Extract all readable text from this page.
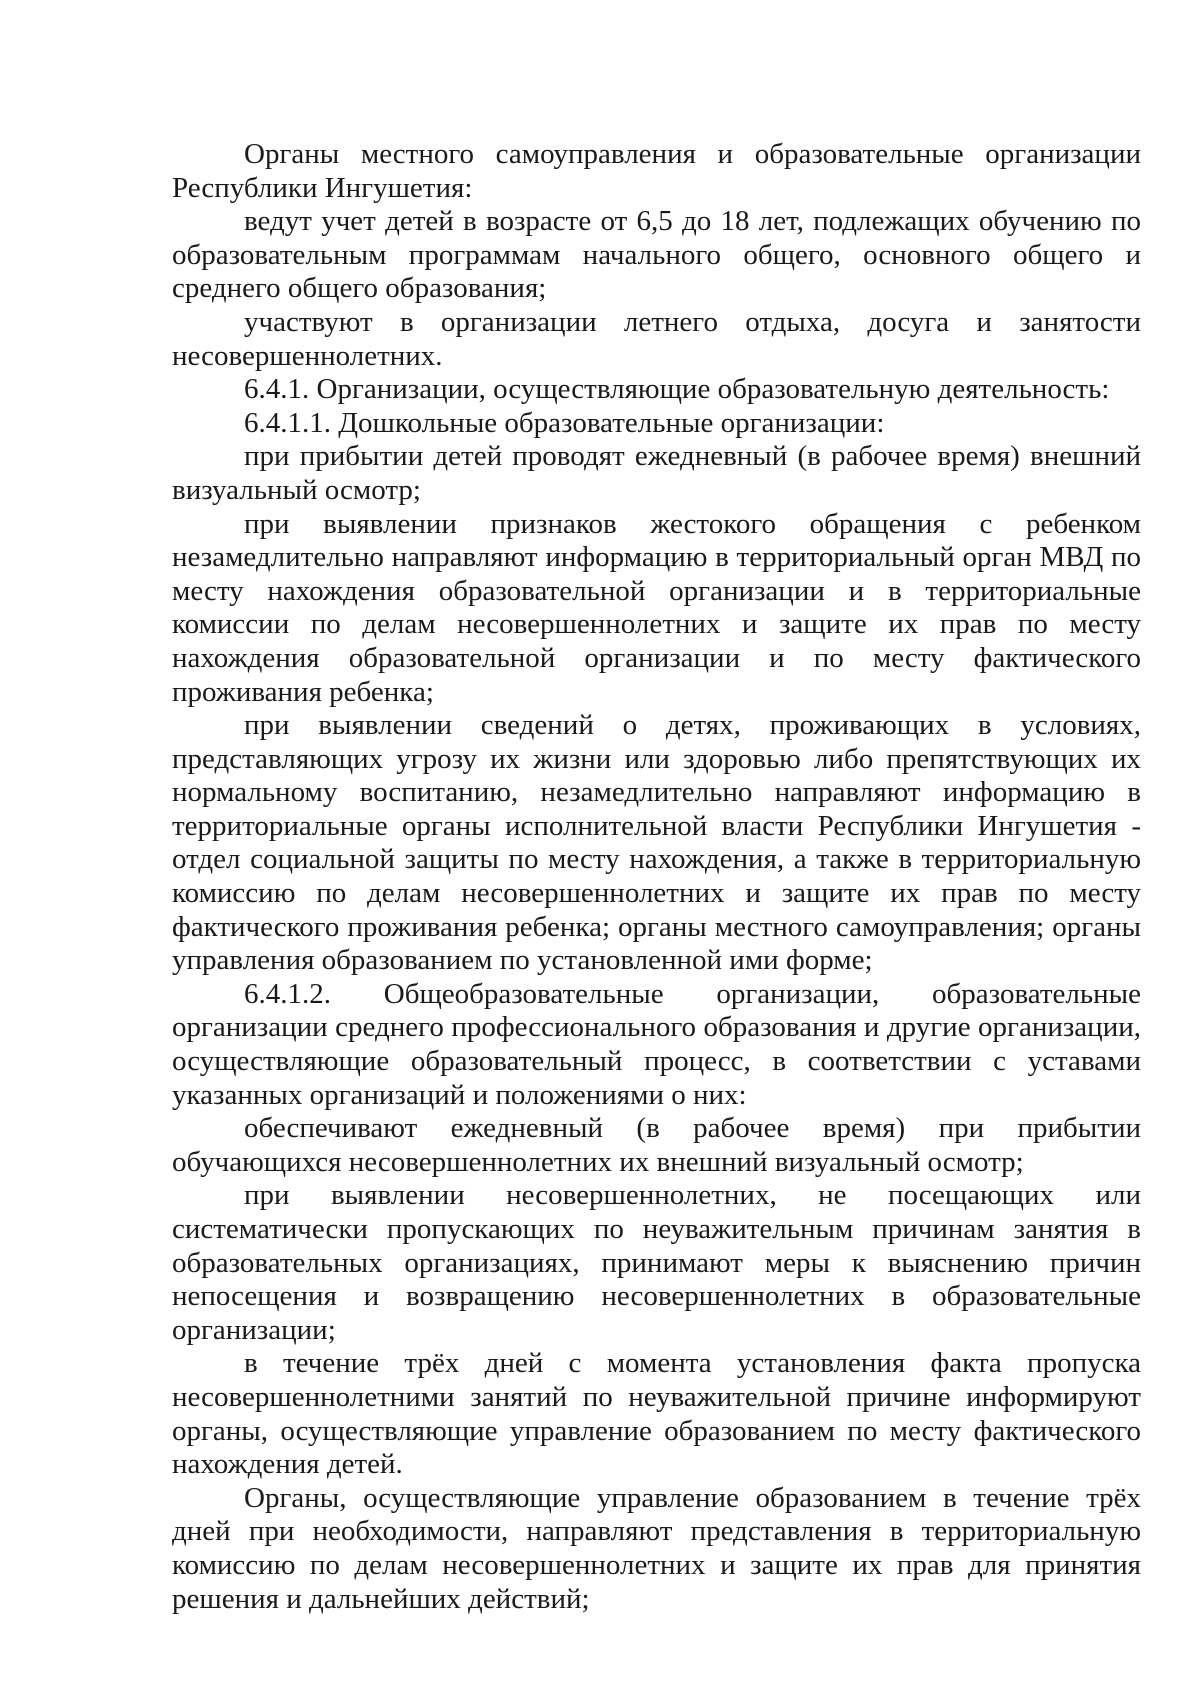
Органы местного самоуправления и образовательные организации Республики Ингушетия:

ведут учет детей в возрасте от 6,5 до 18 лет, подлежащих обучению по образовательным программам начального общего, основного общего и среднего общего образования;

участвуют в организации летнего отдыха, досуга и занятости несовершеннолетних.

6.4.1. Организации, осуществляющие образовательную деятельность:

6.4.1.1. Дошкольные образовательные организации:

при прибытии детей проводят ежедневный (в рабочее время) внешний визуальный осмотр;

при выявлении признаков жестокого обращения с ребенком незамедлительно направляют информацию в территориальный орган МВД по месту нахождения образовательной организации и в территориальные комиссии по делам несовершеннолетних и защите их прав по месту нахождения образовательной организации и по месту фактического проживания ребенка;

при выявлении сведений о детях, проживающих в условиях, представляющих угрозу их жизни или здоровью либо препятствующих их нормальному воспитанию, незамедлительно направляют информацию в территориальные органы исполнительной власти Республики Ингушетия - отдел социальной защиты по месту нахождения, а также в территориальную комиссию по делам несовершеннолетних и защите их прав по месту фактического проживания ребенка; органы местного самоуправления; органы управления образованием по установленной ими форме;

6.4.1.2. Общеобразовательные организации, образовательные организации среднего профессионального образования и другие организации, осуществляющие образовательный процесс, в соответствии с уставами указанных организаций и положениями о них:

обеспечивают ежедневный (в рабочее время) при прибытии обучающихся несовершеннолетних их внешний визуальный осмотр;

при выявлении несовершеннолетних, не посещающих или систематически пропускающих по неуважительным причинам занятия в образовательных организациях, принимают меры к выяснению причин непосещения и возвращению несовершеннолетних в образовательные организации;

в течение трёх дней с момента установления факта пропуска несовершеннолетними занятий по неуважительной причине информируют органы, осуществляющие управление образованием по месту фактического нахождения детей.

Органы, осуществляющие управление образованием в течение трёх дней при необходимости, направляют представления в территориальную комиссию по делам несовершеннолетних и защите их прав для принятия решения и дальнейших действий;
